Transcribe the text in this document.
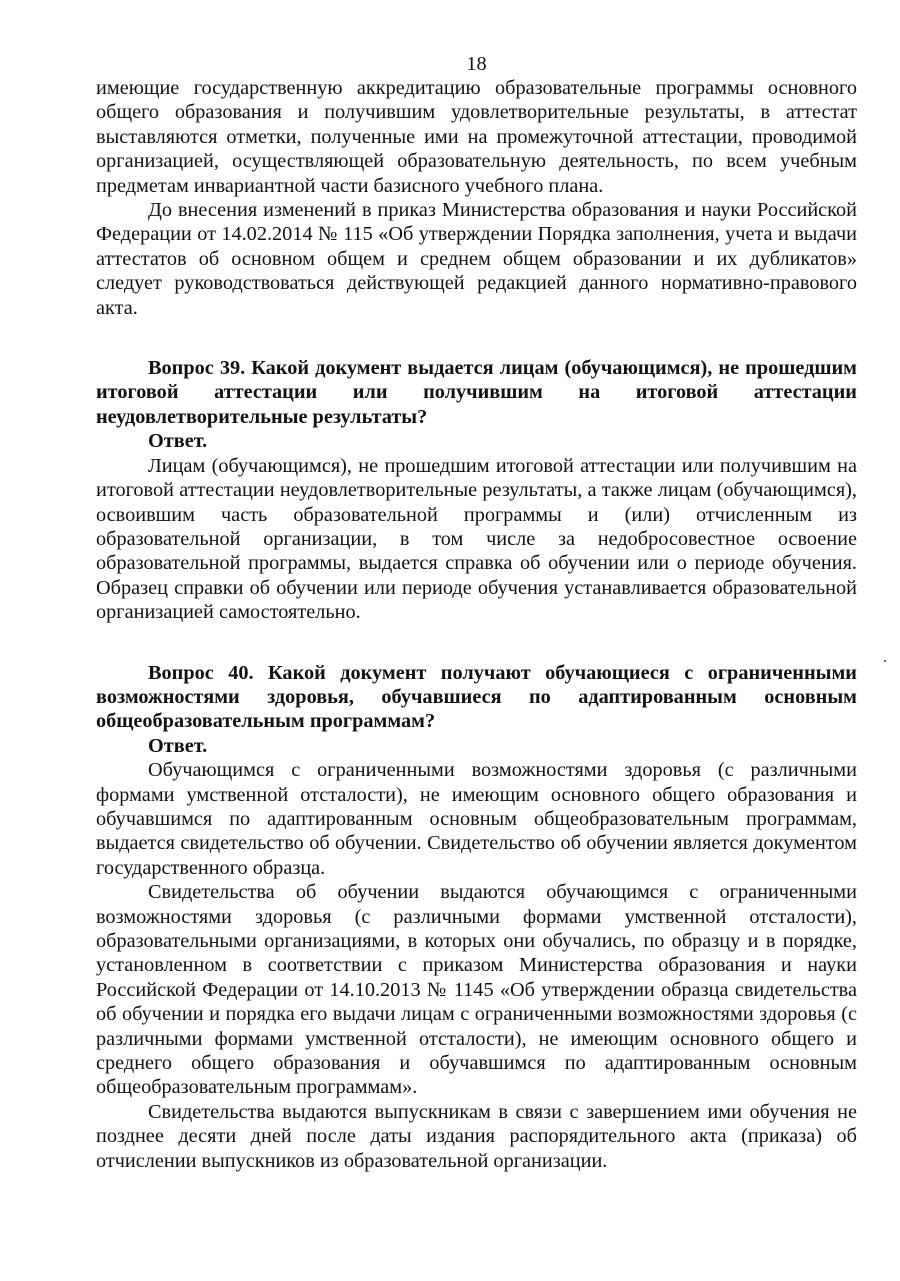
18

имеющие государственную аккредитацию образовательные программы основного общего образования и получившим удовлетворительные результаты, в аттестат выставляются отметки, полученные ими на промежуточной аттестации, проводимой организацией, осуществляющей образовательную деятельность, по всем учебным предметам инвариантной части базисного учебного плана.

До внесения изменений в приказ Министерства образования и науки Российской Федерации от 14.02.2014 № 115 «Об утверждении Порядка заполнения, учета и выдачи аттестатов об основном общем и среднем общем образовании и их дубликатов» следует руководствоваться действующей редакцией данного нормативно-правового акта.

Вопрос 39. Какой документ выдается лицам (обучающимся), не прошедшим итоговой аттестации или получившим на итоговой аттестации неудовлетворительные результаты?

Ответ.

Лицам (обучающимся), не прошедшим итоговой аттестации или получившим на итоговой аттестации неудовлетворительные результаты, а также лицам (обучающимся), освоившим часть образовательной программы и (или) отчисленным из образовательной организации, в том числе за недобросовестное освоение образовательной программы, выдается справка об обучении или о периоде обучения. Образец справки об обучении или периоде обучения устанавливается образовательной организацией самостоятельно.

Вопрос 40. Какой документ получают обучающиеся с ограниченными возможностями здоровья, обучавшиеся по адаптированным основным общеобразовательным программам?

Ответ.

Обучающимся с ограниченными возможностями здоровья (с различными формами умственной отсталости), не имеющим основного общего образования и обучавшимся по адаптированным основным общеобразовательным программам, выдается свидетельство об обучении. Свидетельство об обучении является документом государственного образца.

Свидетельства об обучении выдаются обучающимся с ограниченными возможностями здоровья (с различными формами умственной отсталости), образовательными организациями, в которых они обучались, по образцу и в порядке, установленном в соответствии с приказом Министерства образования и науки Российской Федерации от 14.10.2013 № 1145 «Об утверждении образца свидетельства об обучении и порядка его выдачи лицам с ограниченными возможностями здоровья (с различными формами умственной отсталости), не имеющим основного общего и среднего общего образования и обучавшимся по адаптированным основным общеобразовательным программам».

Свидетельства выдаются выпускникам в связи с завершением ими обучения не позднее десяти дней после даты издания распорядительного акта (приказа) об отчислении выпускников из образовательной организации.
